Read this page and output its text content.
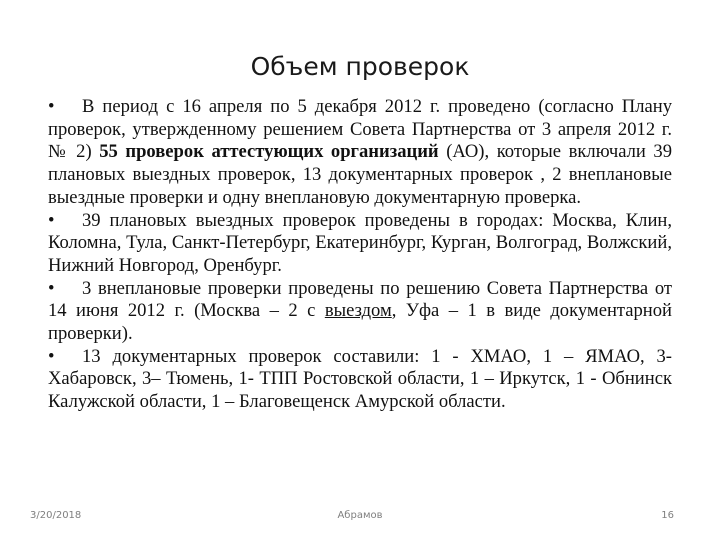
Объем проверок

• В период с 16 апреля по 5 декабря 2012 г. проведено (согласно Плану проверок, утвержденному решением Совета Партнерства от 3 апреля 2012 г. № 2) 55 проверок аттестующих организаций (АО), которые включали 39 плановых выездных проверок, 13 документарных проверок , 2 внеплановые выездные проверки и одну внеплановую документарную проверка.

• 39 плановых выездных проверок проведены в городах: Москва, Клин, Коломна, Тула, Санкт-Петербург, Екатеринбург, Курган, Волгоград, Волжский, Нижний Новгород, Оренбург.

• 3 внеплановые проверки проведены по решению Совета Партнерства от 14 июня 2012 г. (Москва – 2 с выездом, Уфа – 1 в виде документарной проверки).

• 13 документарных проверок составили: 1 - ХМАО, 1 – ЯМАО, 3- Хабаровск, 3– Тюмень, 1- ТПП Ростовской области, 1 – Иркутск, 1 - Обнинск Калужской области, 1 – Благовещенск Амурской области.

3/20/2018	Абрамов	16
